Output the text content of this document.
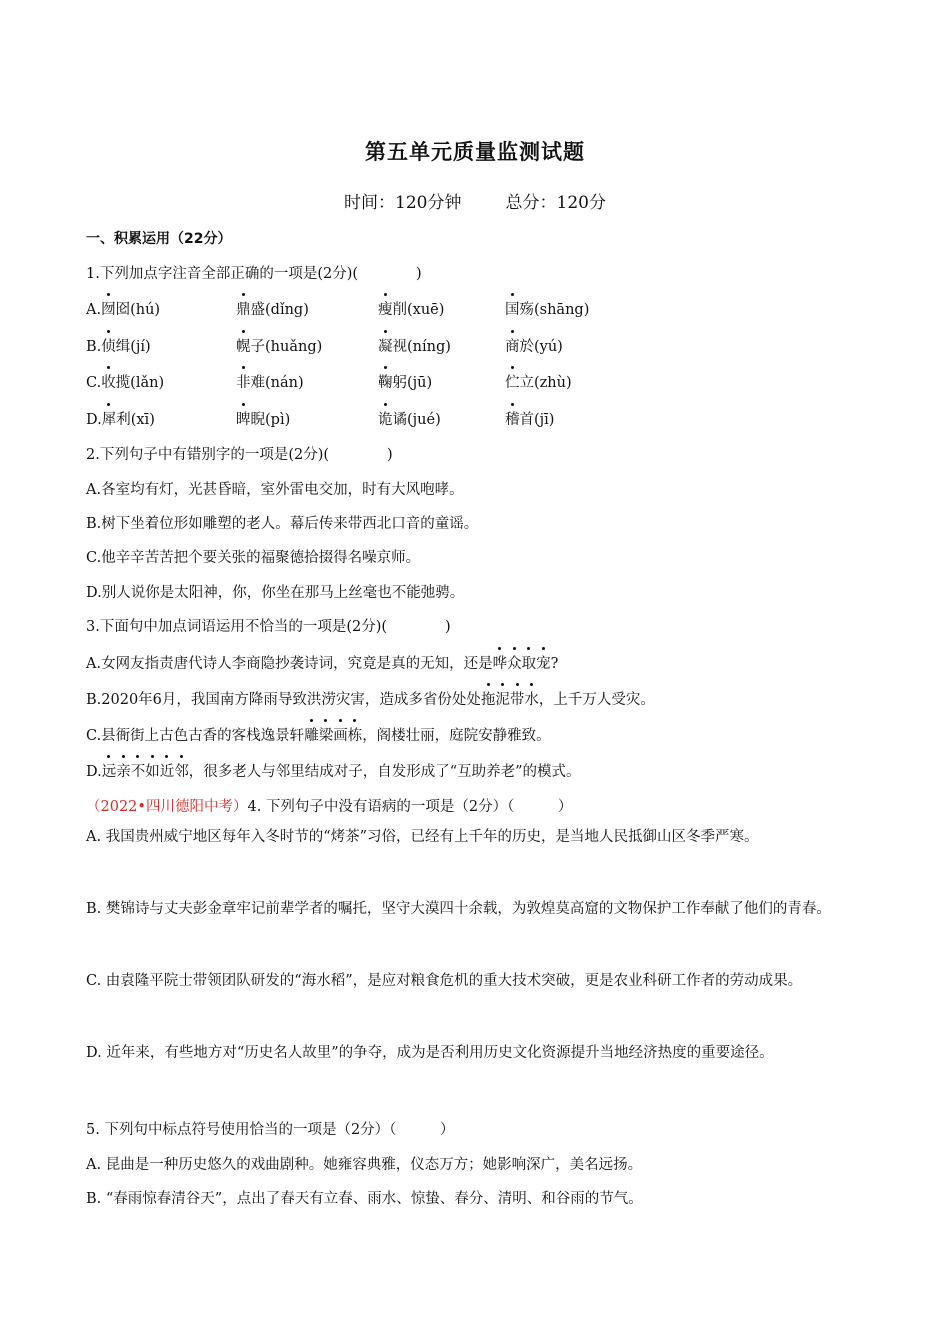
第五单元质量监测试题
时间：120分钟	总分：120分
一、积累运用（22分）
1.下列加点字注音全部正确的一项是(2分)(　　　　)
A.囫囵(hú)	鼎盛(dǐng)	瘦削(xuē)	国殇(shāng)
B.侦缉(jí)	幌子(huǎng)	凝视(níng)	商於(yú)
C.收揽(lǎn)	非难(nán)	鞠躬(jū)	伫立(zhù)
D.犀利(xī)	睥睨(pì)	诡谲(jué)	稽首(jī)
2.下列句子中有错别字的一项是(2分)(　　　　)
A.各室均有灯，光甚昏暗，室外雷电交加，时有大风咆哮。
B.树下坐着位形如雕塑的老人。幕后传来带西北口音的童谣。
C.他辛辛苦苦把个要关张的福聚德拾掇得名噪京师。
D.别人说你是太阳神，你，你坐在那马上丝毫也不能弛骋。
3.下面句中加点词语运用不恰当的一项是(2分)(　　　　)
A.女网友指责唐代诗人李商隐抄袭诗词，究竟是真的无知，还是哗众取宠?
B.2020年6月，我国南方降雨导致洪涝灾害，造成多省份处处拖泥带水，上千万人受灾。
C.县衙街上古色古香的客栈逸景轩雕梁画栋，阁楼壮丽，庭院安静雅致。
D.远亲不如近邻，很多老人与邻里结成对子，自发形成了“互助养老”的模式。
（2022•四川德阳中考）4. 下列句子中没有语病的一项是（2分）（　　　）
A. 我国贵州威宁地区每年入冬时节的“烤茶”习俗，已经有上千年的历史，是当地人民抵御山区冬季严寒。
B. 樊锦诗与丈夫彭金章牢记前辈学者的嘱托，坚守大漠四十余载，为敦煌莫高窟的文物保护工作奉献了他们的青春。
C. 由袁隆平院士带领团队研发的“海水稻”，是应对粮食危机的重大技术突破，更是农业科研工作者的劳动成果。
D. 近年来，有些地方对“历史名人故里”的争夺，成为是否利用历史文化资源提升当地经济热度的重要途径。
5. 下列句中标点符号使用恰当的一项是（2分）（　　　）
A. 昆曲是一种历史悠久的戏曲剧种。她雍容典雅，仪态万方；她影响深广，美名远扬。
B. “春雨惊春清谷天”，点出了春天有立春、雨水、惊蛰、春分、清明、和谷雨的节气。
